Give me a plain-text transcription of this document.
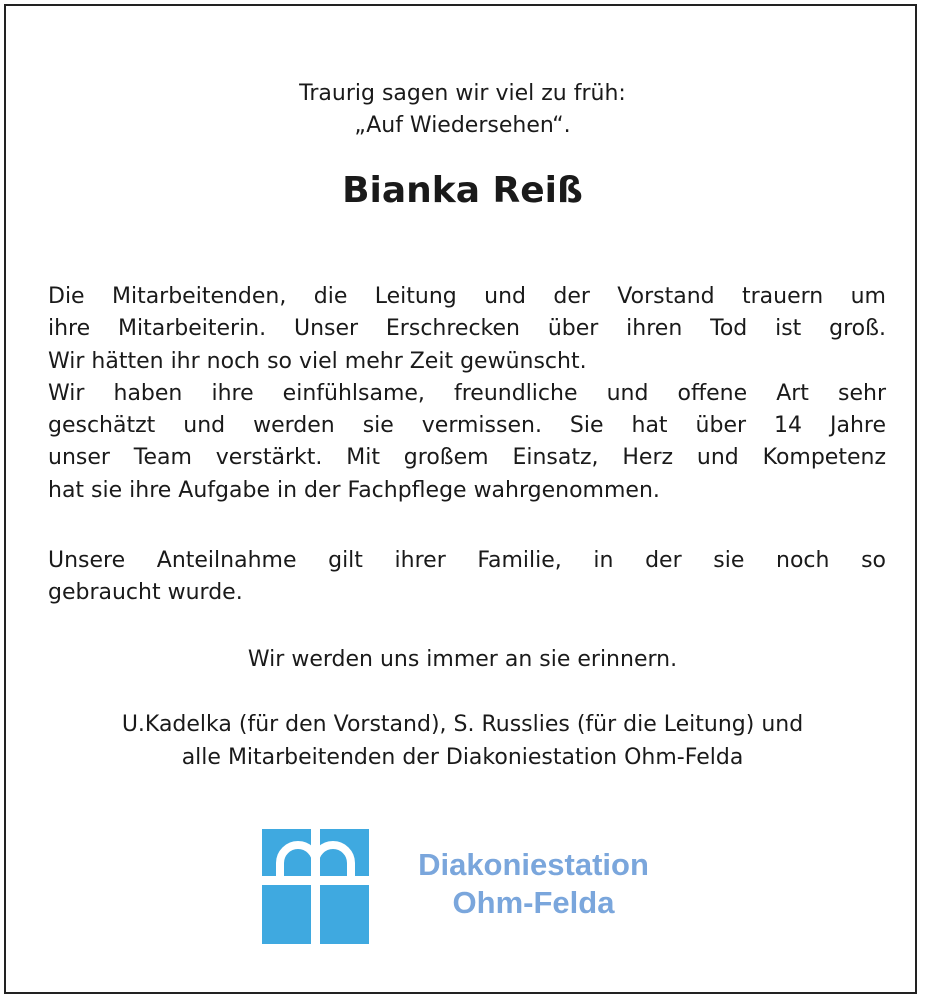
Traurig sagen wir viel zu früh:
„Auf Wiedersehen“.
Bianka Reiß
Die Mitarbeitenden, die Leitung und der Vorstand trauern um
ihre Mitarbeiterin. Unser Erschrecken über ihren Tod ist groß.
Wir hätten ihr noch so viel mehr Zeit gewünscht.
Wir haben ihre einfühlsame, freundliche und offene Art sehr
geschätzt und werden sie vermissen. Sie hat über 14 Jahre
unser Team verstärkt. Mit großem Einsatz, Herz und Kompetenz
hat sie ihre Aufgabe in der Fachpflege wahrgenommen.
Unsere Anteilnahme gilt ihrer Familie, in der sie noch so
gebraucht wurde.
Wir werden uns immer an sie erinnern.
U.Kadelka (für den Vorstand), S. Russlies (für die Leitung) und
alle Mitarbeitenden der Diakoniestation Ohm-Felda
Diakoniestation
Ohm-Felda
